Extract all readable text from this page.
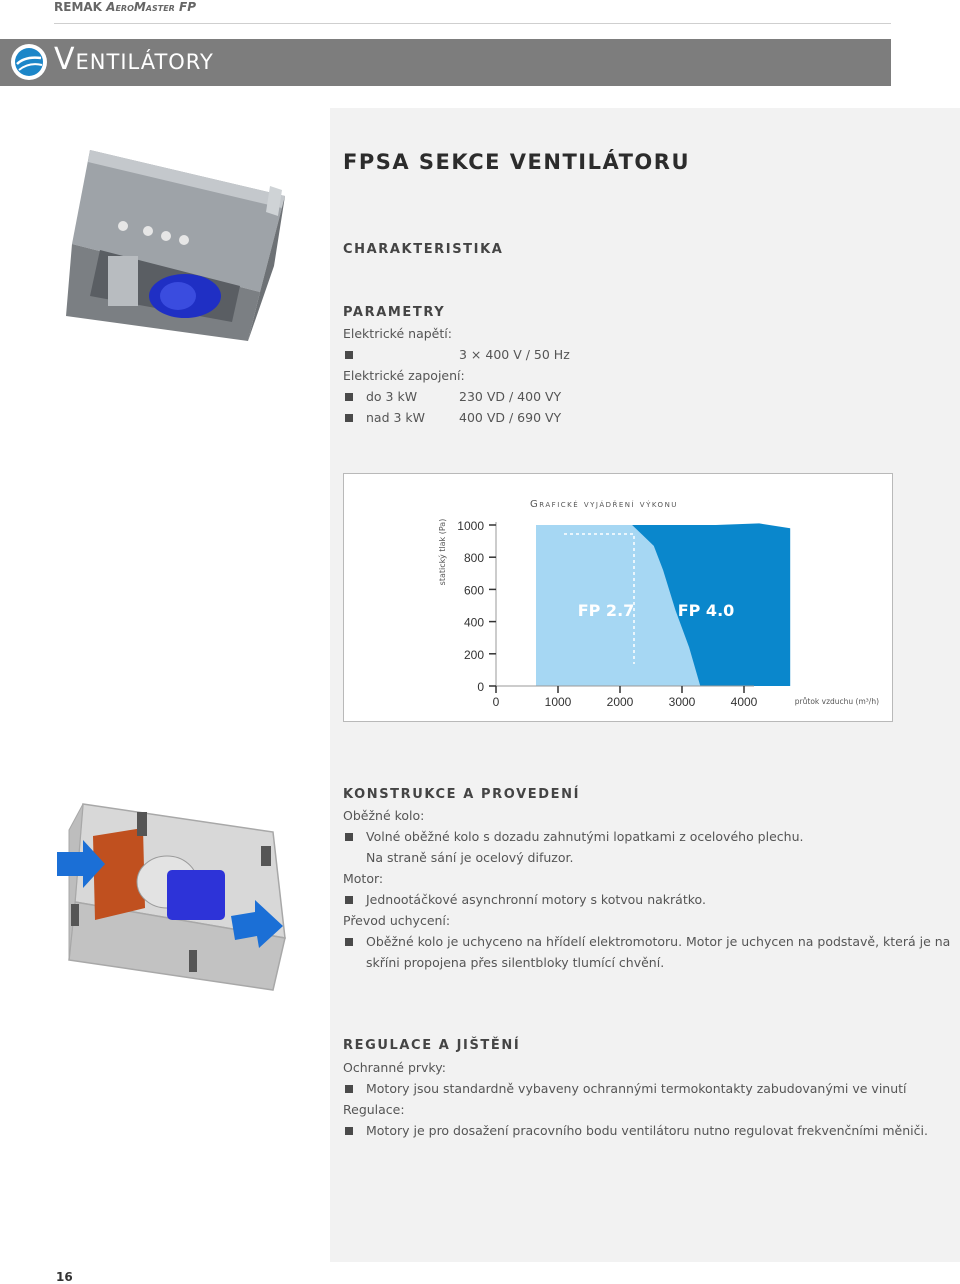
REMAK AeroMaster FP
Ventilátory
FPSA SEKCE VENTILÁTORU
CHARAKTERISTIKA
PARAMETRY
Elektrické napětí:
3 × 400 V / 50 Hz
Elektrické zapojení:
do 3 kW	230 VD / 400 VY
nad 3 kW	400 VD / 690 VY
FP 2.7	FP 4.0
0
200
400
600
800
1000
0	1000	2000	3000	4000
Grafické vyjádření výkonu
statický tlak (Pa)
průtok vzduchu (m³/h)
KONSTRUKCE A PROVEDENÍ
Oběžné kolo:
Volné oběžné kolo s dozadu zahnutými lopatkami z ocelového plechu.
Na straně sání je ocelový difuzor.
Motor:
Jednootáčkové asynchronní motory s kotvou nakrátko.
Převod uchycení:
Oběžné kolo je uchyceno na hřídelí elektromotoru. Motor je uchycen na podstavě, která je na
skříni propojena přes silentbloky tlumící chvění.
REGULACE A JIŠTĚNÍ
Ochranné prvky:
Motory jsou standardně vybaveny ochrannými termokontakty zabudovanými ve vinutí
Regulace:
Motory je pro dosažení pracovního bodu ventilátoru nutno regulovat frekvenčními měniči.
16
